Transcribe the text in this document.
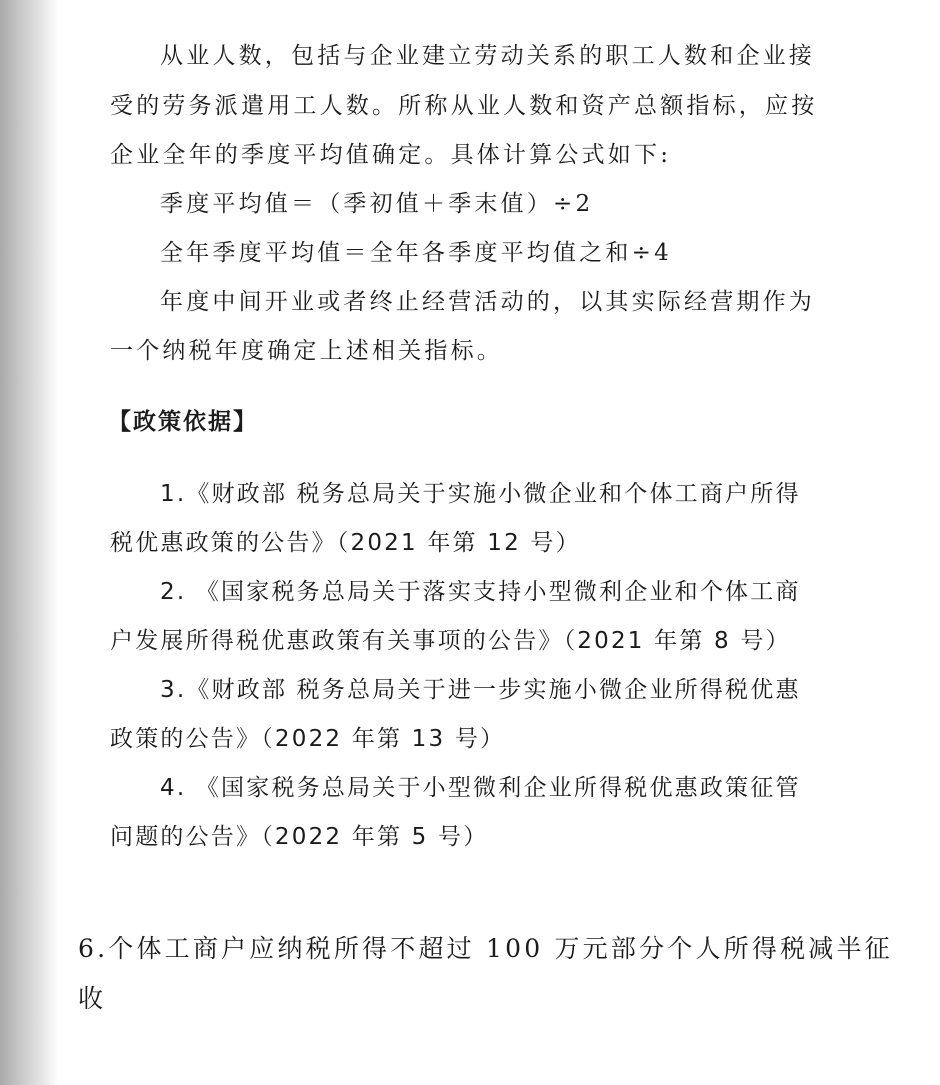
从业人数，包括与企业建立劳动关系的职工人数和企业接
受的劳务派遣用工人数。所称从业人数和资产总额指标，应按
企业全年的季度平均值确定。具体计算公式如下:
季度平均值＝（季初值＋季末值）÷2
全年季度平均值＝全年各季度平均值之和÷4
年度中间开业或者终止经营活动的，以其实际经营期作为
一个纳税年度确定上述相关指标。
【政策依据】
1.《财政部 税务总局关于实施小微企业和个体工商户所得
税优惠政策的公告》（2021 年第 12 号）
2. 《国家税务总局关于落实支持小型微利企业和个体工商
户发展所得税优惠政策有关事项的公告》（2021 年第 8 号）
3.《财政部 税务总局关于进一步实施小微企业所得税优惠
政策的公告》（2022 年第 13 号）
4. 《国家税务总局关于小型微利企业所得税优惠政策征管
问题的公告》（2022 年第 5 号）
6.个体工商户应纳税所得不超过 100 万元部分个人所得税减半征
收
